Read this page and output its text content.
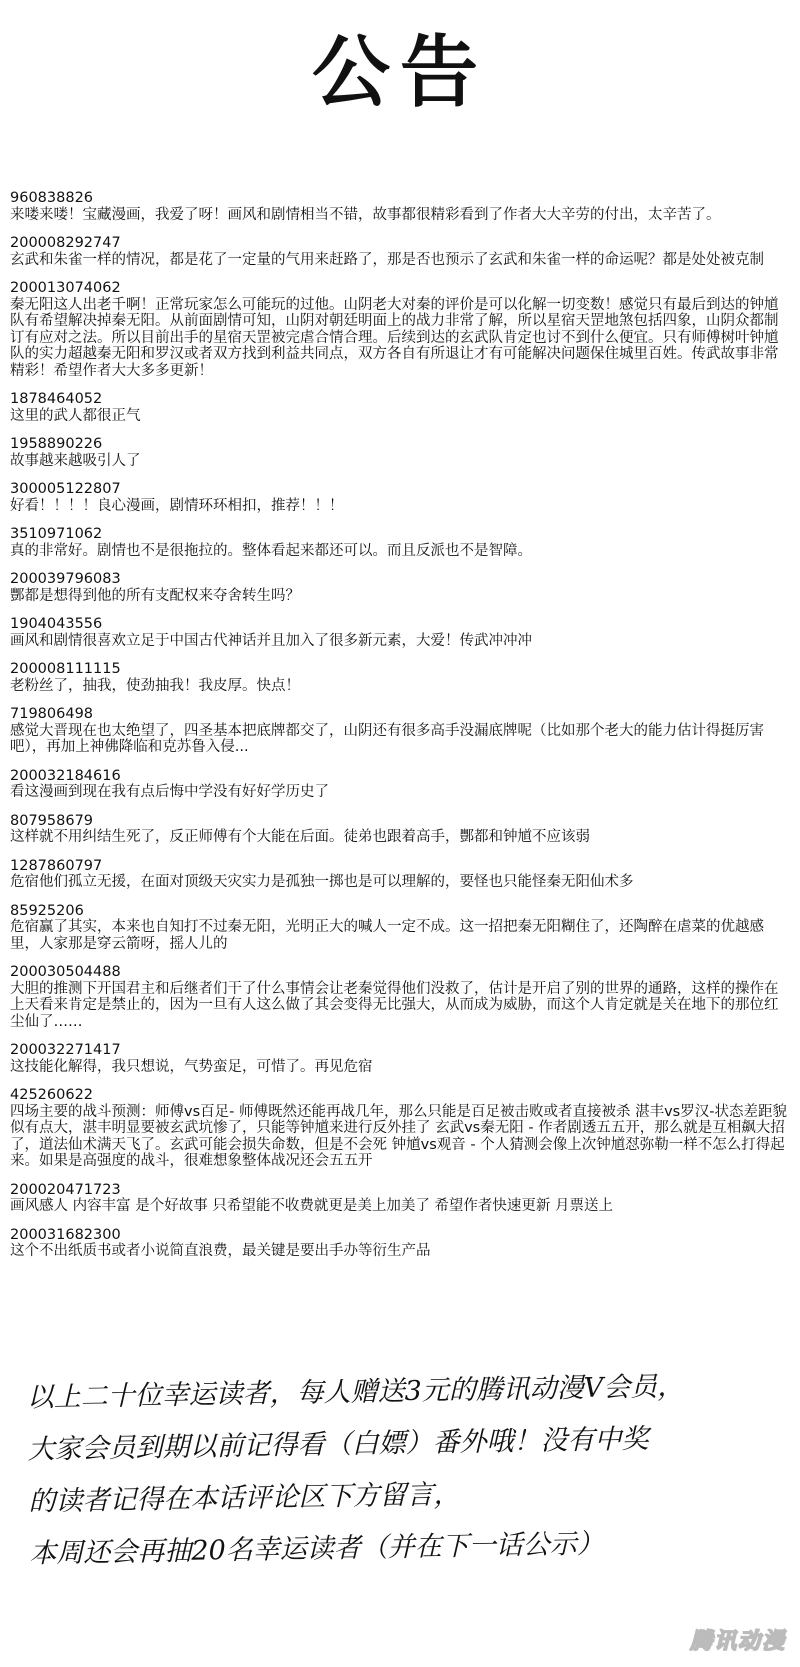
公告
960838826
来喽来喽！宝藏漫画，我爱了呀！画风和剧情相当不错，故事都很精彩看到了作者大大辛劳的付出，太辛苦了。
200008292747
玄武和朱雀一样的情况，都是花了一定量的气用来赶路了，那是否也预示了玄武和朱雀一样的命运呢？都是处处被克制
200013074062
秦无阳这人出老千啊！正常玩家怎么可能玩的过他。山阴老大对秦的评价是可以化解一切变数！感觉只有最后到达的钟馗队有希望解决掉秦无阳。从前面剧情可知，山阴对朝廷明面上的战力非常了解，所以星宿天罡地煞包括四象，山阴众都制订有应对之法。所以目前出手的星宿天罡被完虐合情合理。后续到达的玄武队肯定也讨不到什么便宜。只有师傅树叶钟馗队的实力超越秦无阳和罗汉或者双方找到利益共同点，双方各自有所退让才有可能解决问题保住城里百姓。传武故事非常精彩！希望作者大大多多更新！
1878464052
这里的武人都很正气
1958890226
故事越来越吸引人了
300005122807
好看！！！！良心漫画，剧情环环相扣，推荐！！！
3510971062
真的非常好。剧情也不是很拖拉的。整体看起来都还可以。而且反派也不是智障。
200039796083
酆都是想得到他的所有支配权来夺舍转生吗？
1904043556
画风和剧情很喜欢立足于中国古代神话并且加入了很多新元素，大爱！传武冲冲冲
200008111115
老粉丝了，抽我，使劲抽我！我皮厚。快点！
719806498
感觉大晋现在也太绝望了，四圣基本把底牌都交了，山阴还有很多高手没漏底牌呢（比如那个老大的能力估计得挺厉害吧），再加上神佛降临和克苏鲁入侵...
200032184616
看这漫画到现在我有点后悔中学没有好好学历史了
807958679
这样就不用纠结生死了，反正师傅有个大能在后面。徒弟也跟着高手，酆都和钟馗不应该弱
1287860797
危宿他们孤立无援，在面对顶级天灾实力是孤独一掷也是可以理解的，要怪也只能怪秦无阳仙术多
85925206
危宿赢了其实，本来也自知打不过秦无阳，光明正大的喊人一定不成。这一招把秦无阳糊住了，还陶醉在虐菜的优越感里，人家那是穿云箭呀，摇人儿的
200030504488
大胆的推测下开国君主和后继者们干了什么事情会让老秦觉得他们没救了，估计是开启了别的世界的通路，这样的操作在上天看来肯定是禁止的，因为一旦有人这么做了其会变得无比强大，从而成为威胁，而这个人肯定就是关在地下的那位红尘仙了……
200032271417
这技能化解得，我只想说，气势蛮足，可惜了。再见危宿
425260622
四场主要的战斗预测：师傅vs百足- 师傅既然还能再战几年，那么只能是百足被击败或者直接被杀 湛丰vs罗汉-状态差距貌似有点大，湛丰明显要被玄武坑惨了，只能等钟馗来进行反外挂了 玄武vs秦无阳 - 作者剧透五五开，那么就是互相飙大招了，道法仙术满天飞了。玄武可能会损失命数，但是不会死 钟馗vs观音 - 个人猜测会像上次钟馗怼弥勒一样不怎么打得起来。如果是高强度的战斗，很难想象整体战况还会五五开
200020471723
画风感人 内容丰富 是个好故事 只希望能不收费就更是美上加美了 希望作者快速更新 月票送上
200031682300
这个不出纸质书或者小说简直浪费，最关键是要出手办等衍生产品
以上二十位幸运读者，每人赠送3元的腾讯动漫V会员，
大家会员到期以前记得看（白嫖）番外哦！没有中奖
的读者记得在本话评论区下方留言，
本周还会再抽20名幸运读者（并在下一话公示）
腾讯动漫
